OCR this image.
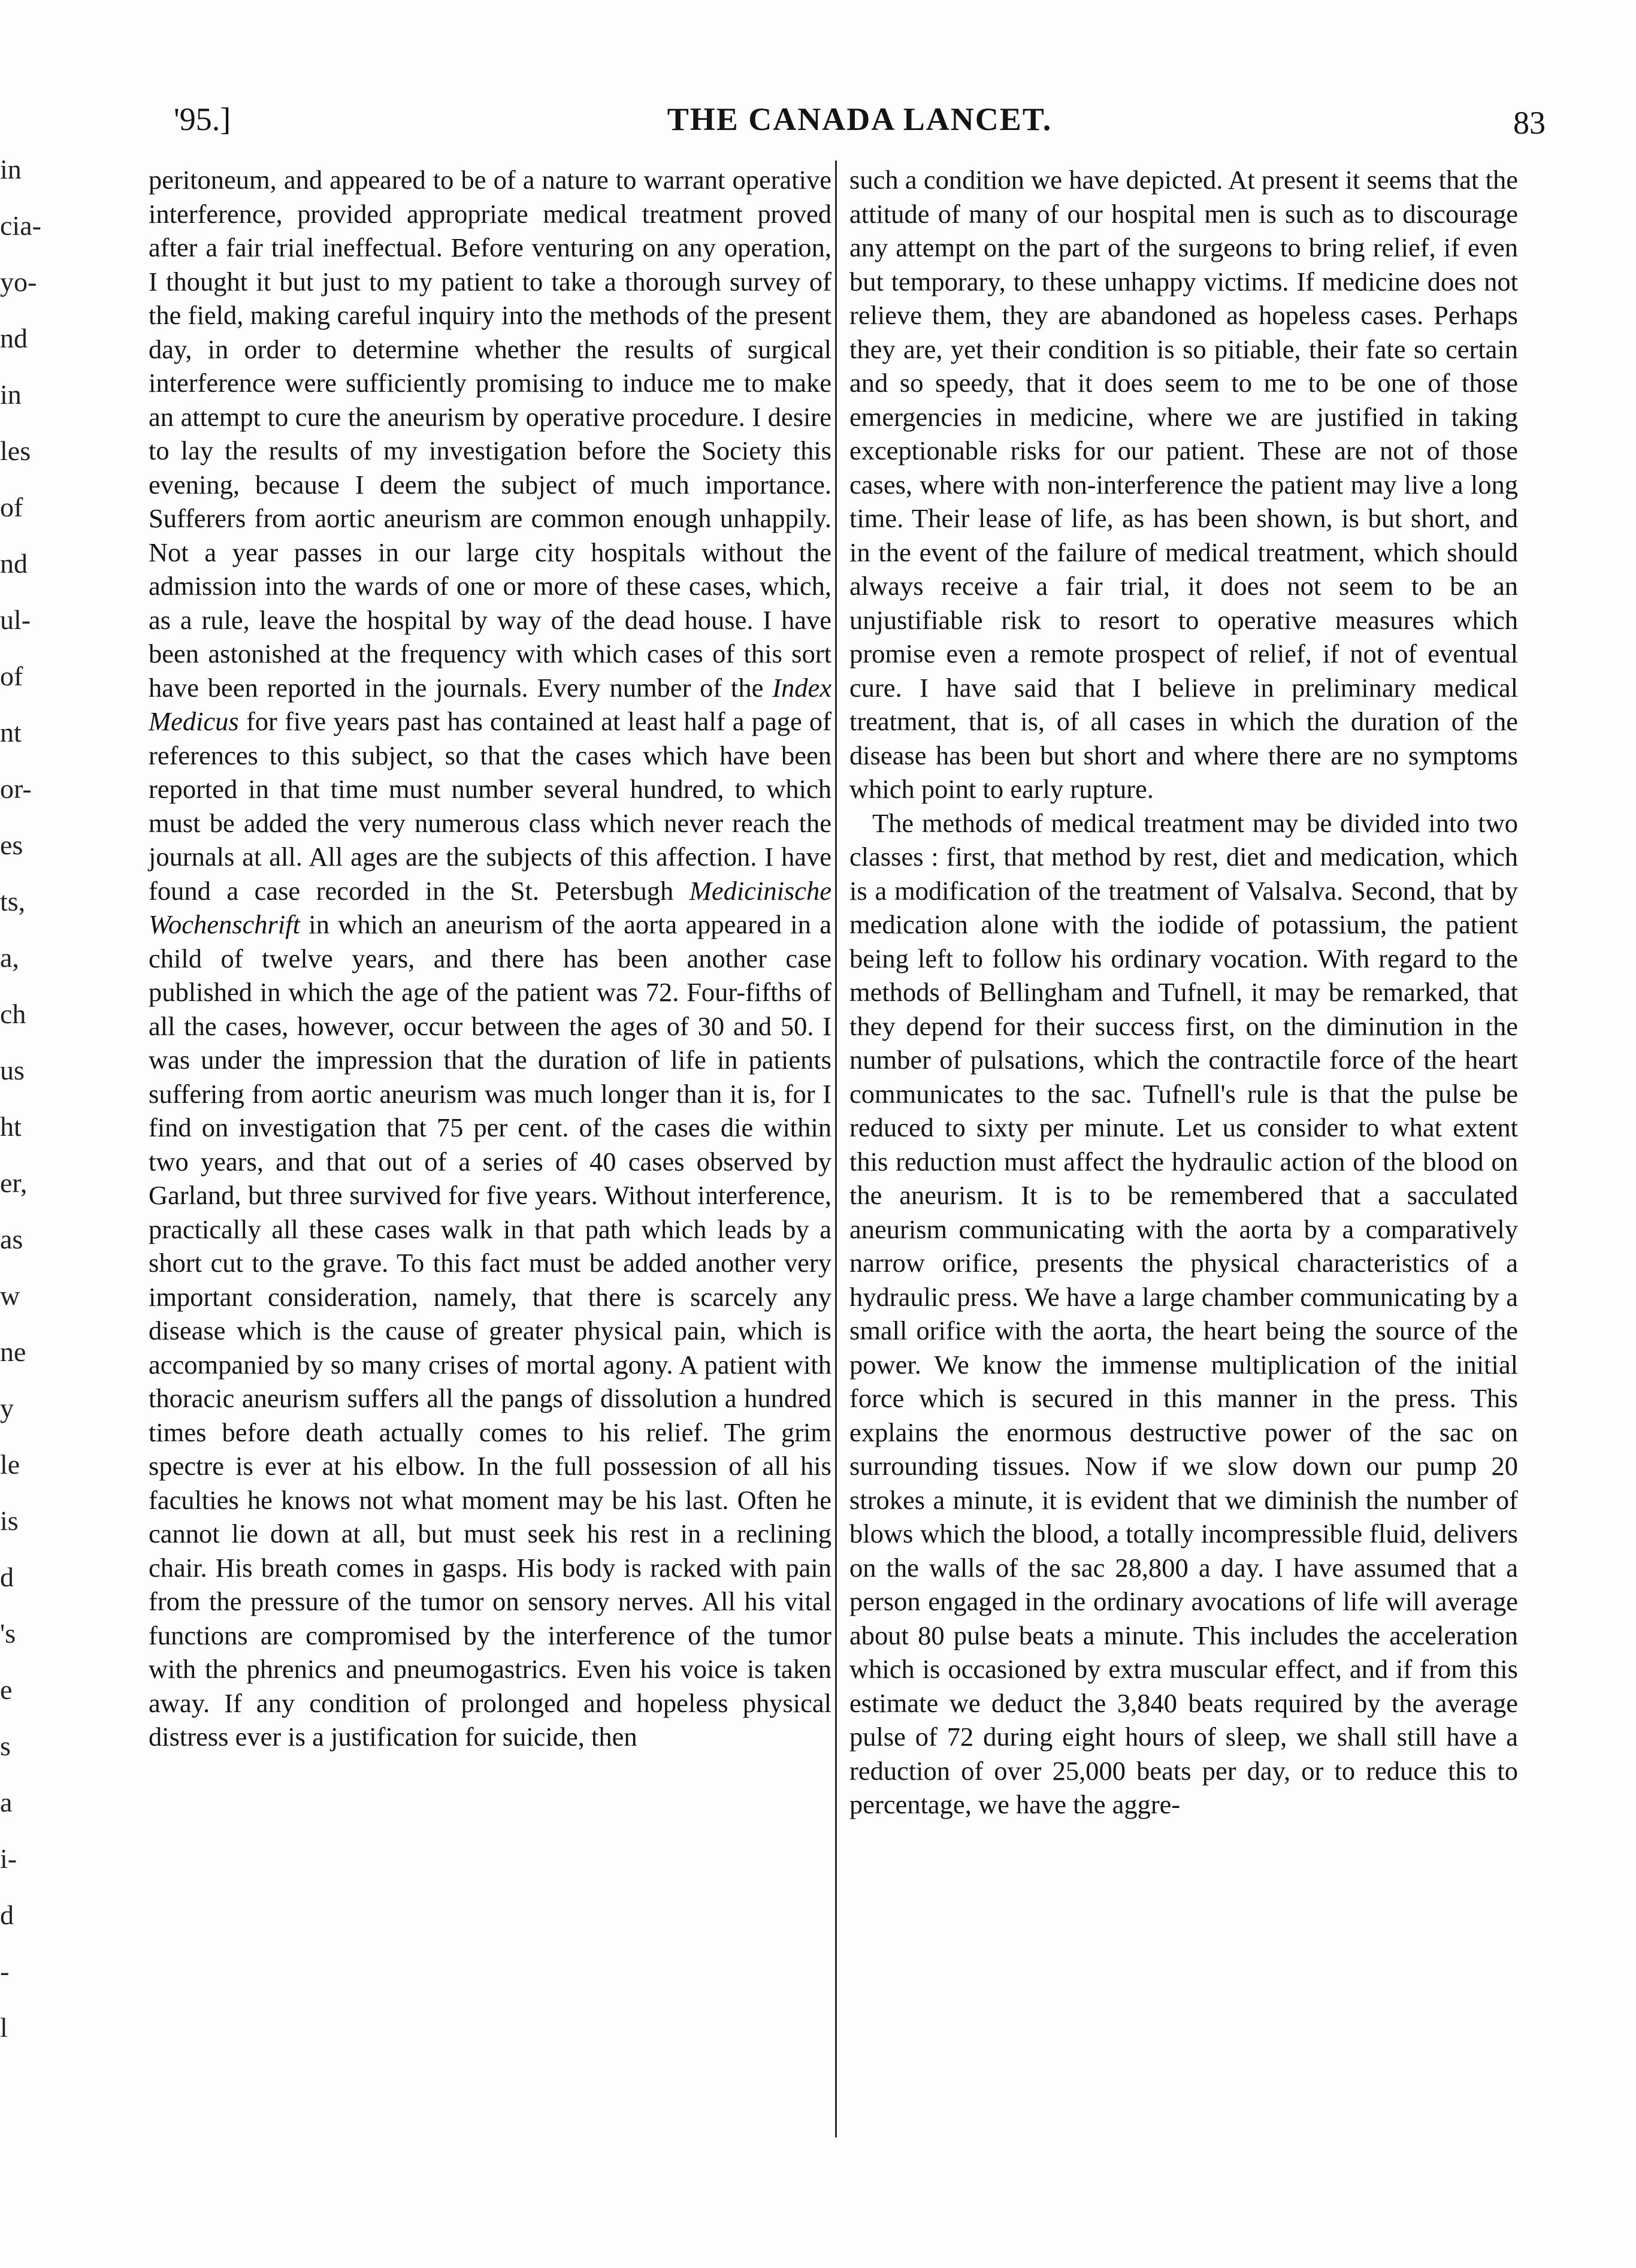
in
cia-
yo-
nd
in
les
of
nd
ul-
of
nt
or-
es
ts,
a,
ch
us
ht
er,
as
w
ne
y
le
is
d
's
e
s
a
i-
d
-
l
'95.]	THE CANADA LANCET.	83

peritoneum, and appeared to be of a nature to warrant operative interference, provided appropriate medical treatment proved after a fair trial ineffectual. Before venturing on any operation, I thought it but just to my patient to take a thorough survey of the field, making careful inquiry into the methods of the present day, in order to determine whether the results of surgical interference were sufficiently promising to induce me to make an attempt to cure the aneurism by operative procedure. I desire to lay the results of my investigation before the Society this evening, because I deem the subject of much importance. Sufferers from aortic aneurism are common enough unhappily. Not a year passes in our large city hospitals without the admission into the wards of one or more of these cases, which, as a rule, leave the hospital by way of the dead house. I have been astonished at the frequency with which cases of this sort have been reported in the journals. Every number of the Index Medicus for five years past has contained at least half a page of references to this subject, so that the cases which have been reported in that time must number several hundred, to which must be added the very numerous class which never reach the journals at all. All ages are the subjects of this affection. I have found a case recorded in the St. Petersbugh Medicinische Wochenschrift in which an aneurism of the aorta appeared in a child of twelve years, and there has been another case published in which the age of the patient was 72. Four-fifths of all the cases, however, occur between the ages of 30 and 50. I was under the impression that the duration of life in patients suffering from aortic aneurism was much longer than it is, for I find on investigation that 75 per cent. of the cases die within two years, and that out of a series of 40 cases observed by Garland, but three survived for five years. Without interference, practically all these cases walk in that path which leads by a short cut to the grave. To this fact must be added another very important consideration, namely, that there is scarcely any disease which is the cause of greater physical pain, which is accompanied by so many crises of mortal agony. A patient with thoracic aneurism suffers all the pangs of dissolution a hundred times before death actually comes to his relief. The grim spectre is ever at his elbow. In the full possession of all his faculties he knows not what moment may be his last. Often he cannot lie down at all, but must seek his rest in a reclining chair. His breath comes in gasps. His body is racked with pain from the pressure of the tumor on sensory nerves. All his vital functions are compromised by the interference of the tumor with the phrenics and pneumogastrics. Even his voice is taken away. If any condition of prolonged and hopeless physical distress ever is a justification for suicide, then

such a condition we have depicted. At present it seems that the attitude of many of our hospital men is such as to discourage any attempt on the part of the surgeons to bring relief, if even but temporary, to these unhappy victims. If medicine does not relieve them, they are abandoned as hopeless cases. Perhaps they are, yet their condition is so pitiable, their fate so certain and so speedy, that it does seem to me to be one of those emergencies in medicine, where we are justified in taking exceptionable risks for our patient. These are not of those cases, where with non-interference the patient may live a long time. Their lease of life, as has been shown, is but short, and in the event of the failure of medical treatment, which should always receive a fair trial, it does not seem to be an unjustifiable risk to resort to operative measures which promise even a remote prospect of relief, if not of eventual cure. I have said that I believe in preliminary medical treatment, that is, of all cases in which the duration of the disease has been but short and where there are no symptoms which point to early rupture.

The methods of medical treatment may be divided into two classes : first, that method by rest, diet and medication, which is a modification of the treatment of Valsalva. Second, that by medication alone with the iodide of potassium, the patient being left to follow his ordinary vocation. With regard to the methods of Bellingham and Tufnell, it may be remarked, that they depend for their success first, on the diminution in the number of pulsations, which the contractile force of the heart communicates to the sac. Tufnell's rule is that the pulse be reduced to sixty per minute. Let us consider to what extent this reduction must affect the hydraulic action of the blood on the aneurism. It is to be remembered that a sacculated aneurism communicating with the aorta by a comparatively narrow orifice, presents the physical characteristics of a hydraulic press. We have a large chamber communicating by a small orifice with the aorta, the heart being the source of the power. We know the immense multiplication of the initial force which is secured in this manner in the press. This explains the enormous destructive power of the sac on surrounding tissues. Now if we slow down our pump 20 strokes a minute, it is evident that we diminish the number of blows which the blood, a totally incompressible fluid, delivers on the walls of the sac 28,800 a day. I have assumed that a person engaged in the ordinary avocations of life will average about 80 pulse beats a minute. This includes the acceleration which is occasioned by extra muscular effect, and if from this estimate we deduct the 3,840 beats required by the average pulse of 72 during eight hours of sleep, we shall still have a reduction of over 25,000 beats per day, or to reduce this to percentage, we have the aggre-
